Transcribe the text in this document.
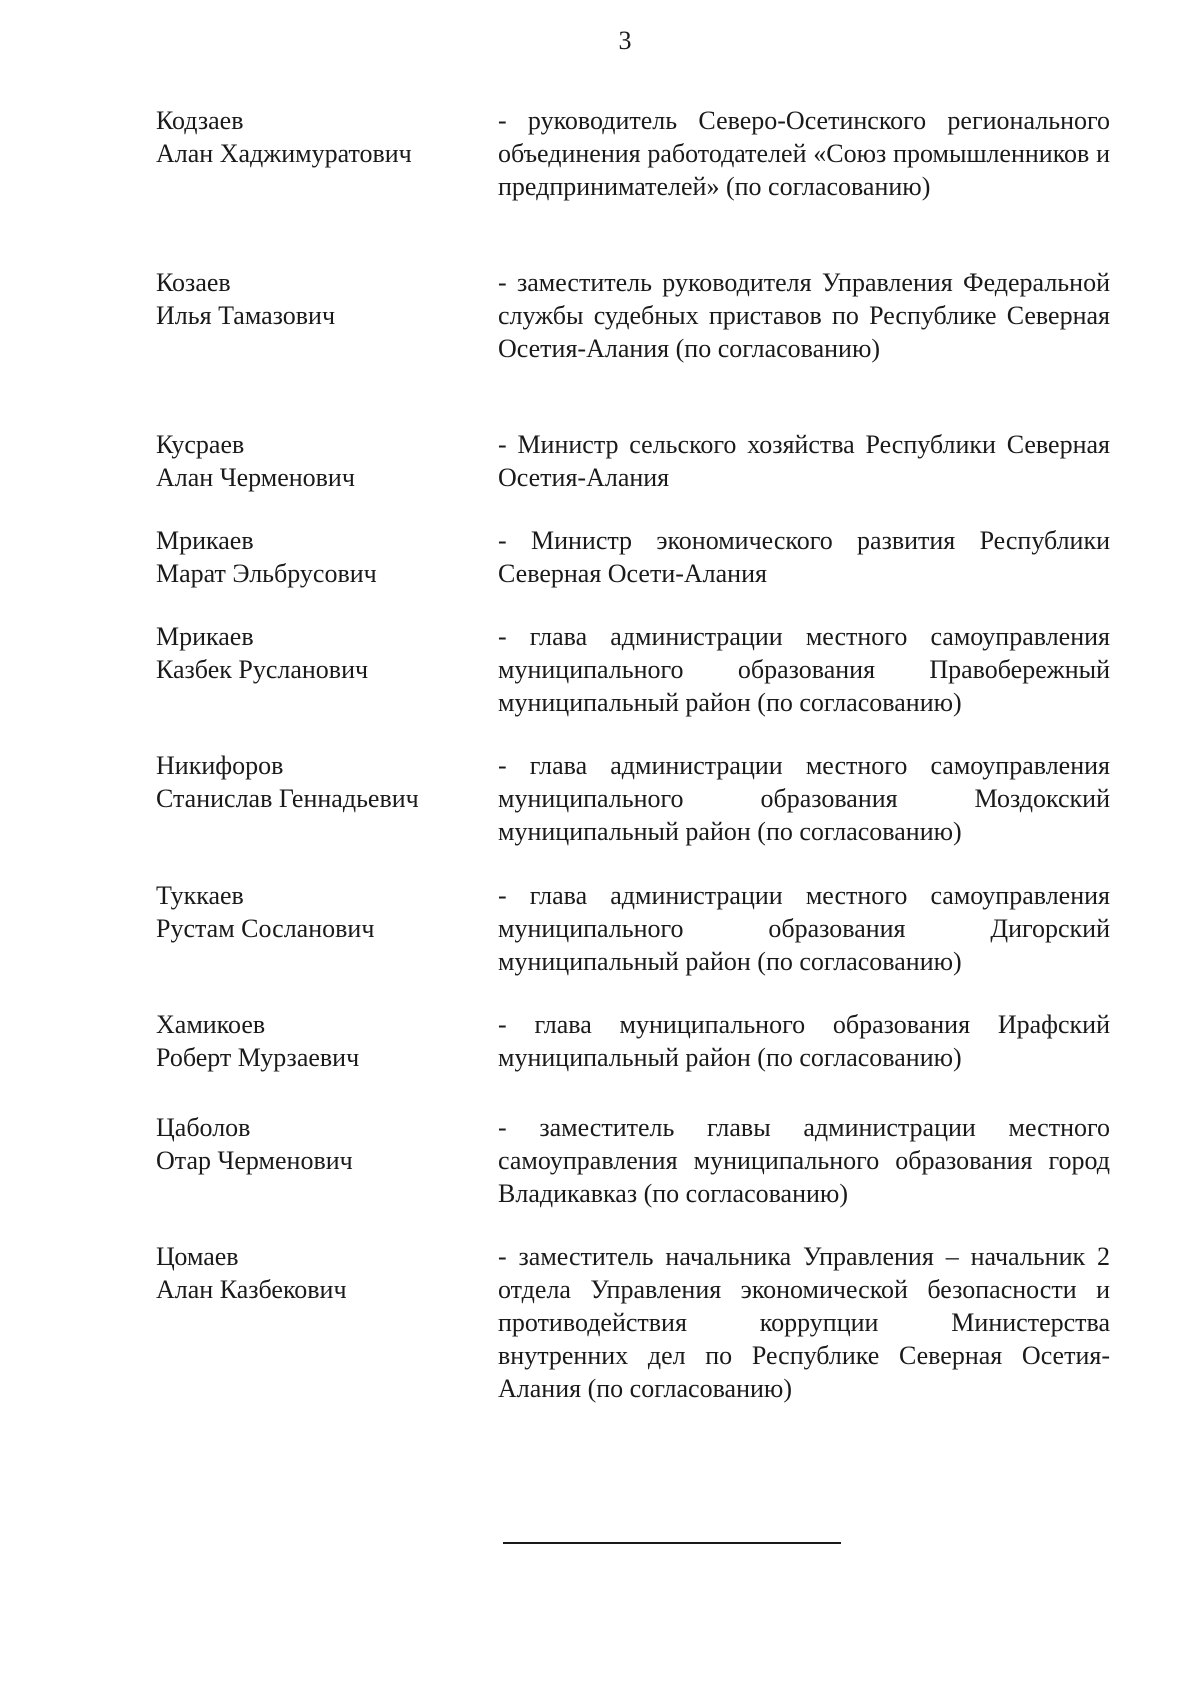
3
Кодзаев
Алан Хаджимуратович
- руководитель Северо-Осетинского регионального объединения работодателей «Союз промышленников и предпринимателей» (по согласованию)
Козаев
Илья Тамазович
- заместитель руководителя Управления Федеральной службы судебных приставов по Республике Северная Осетия-Алания (по согласованию)
Кусраев
Алан Черменович
- Министр сельского хозяйства Республики Северная Осетия-Алания
Мрикаев
Марат Эльбрусович
- Министр экономического развития Республики Северная Осети-Алания
Мрикаев
Казбек Русланович
- глава администрации местного самоуправления муниципального образования Правобережный муниципальный район (по согласованию)
Никифоров
Станислав Геннадьевич
- глава администрации местного самоуправления муниципального образования Моздокский муниципальный район (по согласованию)
Туккаев
Рустам Сосланович
- глава администрации местного самоуправления муниципального образования Дигорский муниципальный район (по согласованию)
Хамикоев
Роберт Мурзаевич
- глава муниципального образования Ирафский муниципальный район (по согласованию)
Цаболов
Отар Черменович
- заместитель главы администрации местного самоуправления муниципального образования город Владикавказ (по согласованию)
Цомаев
Алан Казбекович
- заместитель начальника Управления – начальник 2 отдела Управления экономической безопасности и противодействия коррупции Министерства внутренних дел по Республике Северная Осетия-Алания (по согласованию)
